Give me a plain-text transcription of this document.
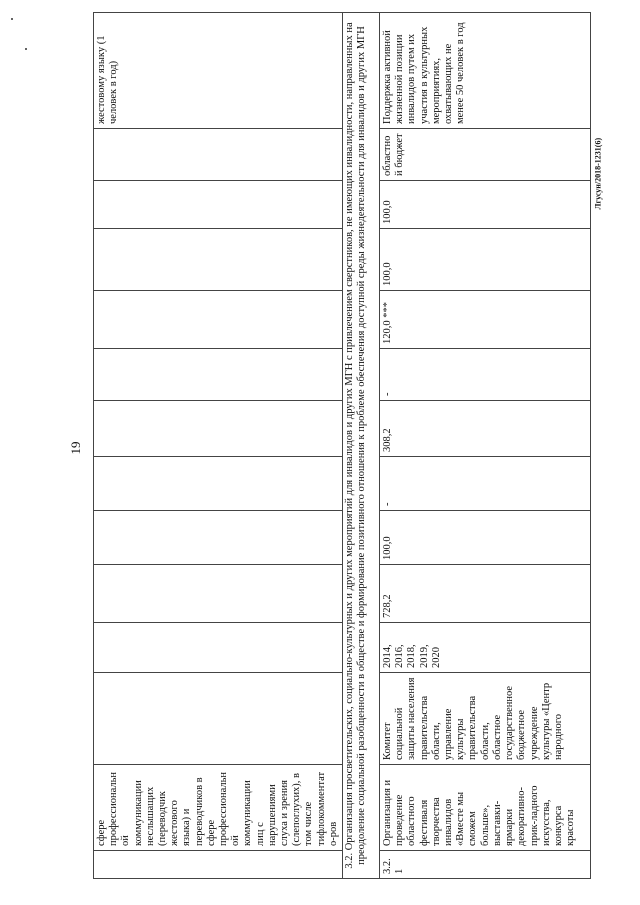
19
Лгусун/2018-1231(6)
	сфере профессиональной коммуникации неслышащих (переводчик жестового языка) и переводчиков в сфере профессиональной коммуникации лиц с нарушениями слуха и зрения (слепоглухих), в том числе тифлокомментато-ров												жестовому языку (1 человек в год)
3.2. Организация просветительских, социально-культурных и других мероприятий для инвалидов и других МГН с привлечением сверстников, не имеющих инвалидности, направленных на преодоление социальной разобщенности в обществе и формирование позитивного отношения к проблеме обеспечения доступной среды жизнедеятельности для инвалидов и других МГН													
3.2.1	Организация и проведение областного фестиваля творчества инвалидов «Вместе мы сможем больше», выставки-ярмарки декоративно-прик-ладного искусства, конкурса красоты	Комитет социальной защиты населения правительства области, управление культуры правительства области, областное государственное бюджетное учреждение культуры «Центр народного	2014, 2016, 2018, 2019, 2020	728,2	100,0	-	308,2	-	120,0 ***	100,0	100,0	областной бюджет	Поддержка активной жизненной позиции инвалидов путем их участия в культурных мероприятиях, охватывающих не менее 50 человек в год
